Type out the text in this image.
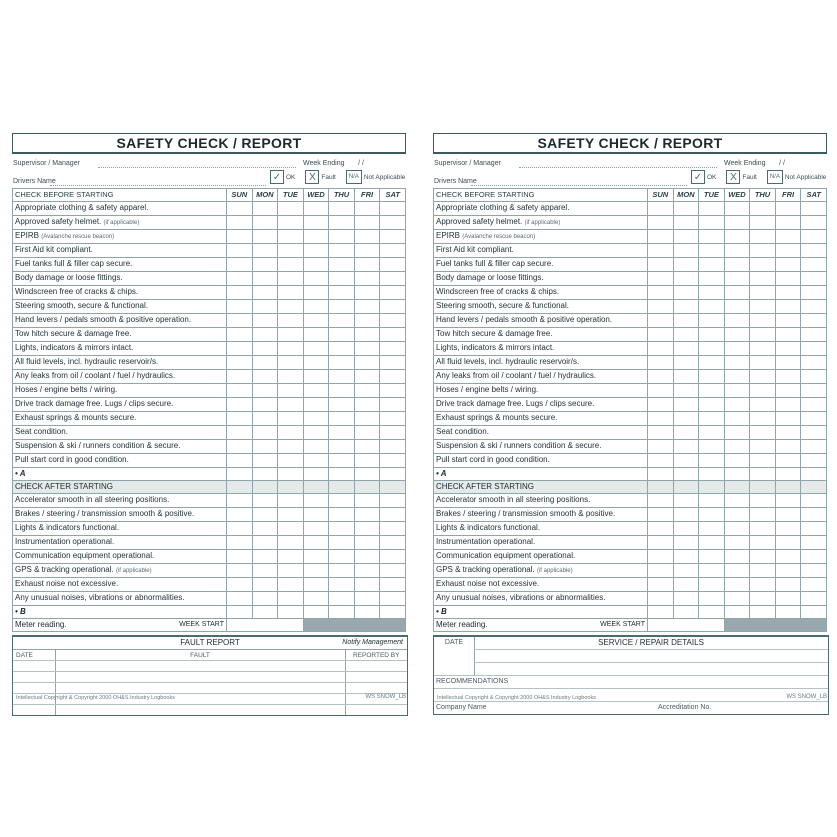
SAFETY CHECK / REPORT
Supervisor / Manager	Week Ending / /
Drivers Name	✓ OK	X Fault	N/A Not Applicable
CHECK BEFORE STARTING	SUN	MON	TUE	WED	THU	FRI	SAT
Appropriate clothing & safety apparel.							
Approved safety helmet. (if applicable)							
EPIRB (Avalanche rescue beacon)							
First Aid kit compliant.							
Fuel tanks full & filler cap secure.							
Body damage or loose fittings.							
Windscreen free of cracks & chips.							
Steering smooth, secure & functional.							
Hand levers / pedals smooth & positive operation.							
Tow hitch secure & damage free.							
Lights, indicators & mirrors intact.							
All fluid levels, incl. hydraulic reservoir/s.							
Any leaks from oil / coolant / fuel / hydraulics.							
Hoses / engine belts / wiring.							
Drive track damage free. Lugs / clips secure.							
Exhaust springs & mounts secure.							
Seat condition.							
Suspension & ski / runners condition & secure.							
Pull start cord in good condition.							
• A							
CHECK AFTER STARTING							
Accelerator smooth in all steering positions.							
Brakes / steering / transmission smooth & positive.							
Lights & indicators functional.							
Instrumentation operational.							
Communication equipment operational.							
GPS & tracking operational. (if applicable)							
Exhaust noise not excessive.							
Any unusual noises, vibrations or abnormalities.							
• B							
Meter reading. WEEK START							

FAULT REPORT	Notify Management
DATE	FAULT	REPORTED BY

Intellectual Copyright & Copyright 2000 OH&S Industry Logbooks	WS SNOW_LB
SAFETY CHECK / REPORT
Supervisor / Manager	Week Ending / /
Drivers Name	✓ OK	X Fault	N/A Not Applicable
CHECK BEFORE STARTING	SUN	MON	TUE	WED	THU	FRI	SAT
Appropriate clothing & safety apparel.							
Approved safety helmet. (if applicable)							
EPIRB (Avalanche rescue beacon)							
First Aid kit compliant.							
Fuel tanks full & filler cap secure.							
Body damage or loose fittings.							
Windscreen free of cracks & chips.							
Steering smooth, secure & functional.							
Hand levers / pedals smooth & positive operation.							
Tow hitch secure & damage free.							
Lights, indicators & mirrors intact.							
All fluid levels, incl. hydraulic reservoir/s.							
Any leaks from oil / coolant / fuel / hydraulics.							
Hoses / engine belts / wiring.							
Drive track damage free. Lugs / clips secure.							
Exhaust springs & mounts secure.							
Seat condition.							
Suspension & ski / runners condition & secure.							
Pull start cord in good condition.							
• A							
CHECK AFTER STARTING							
Accelerator smooth in all steering positions.							
Brakes / steering / transmission smooth & positive.							
Lights & indicators functional.							
Instrumentation operational.							
Communication equipment operational.							
GPS & tracking operational. (if applicable)							
Exhaust noise not excessive.							
Any unusual noises, vibrations or abnormalities.							
• B							
Meter reading. WEEK START							

DATE	SERVICE / REPAIR DETAILS
RECOMMENDATIONS
Company Name	Accreditation No.
Intellectual Copyright & Copyright 2000 OH&S Industry Logbooks	WS SNOW_LB
